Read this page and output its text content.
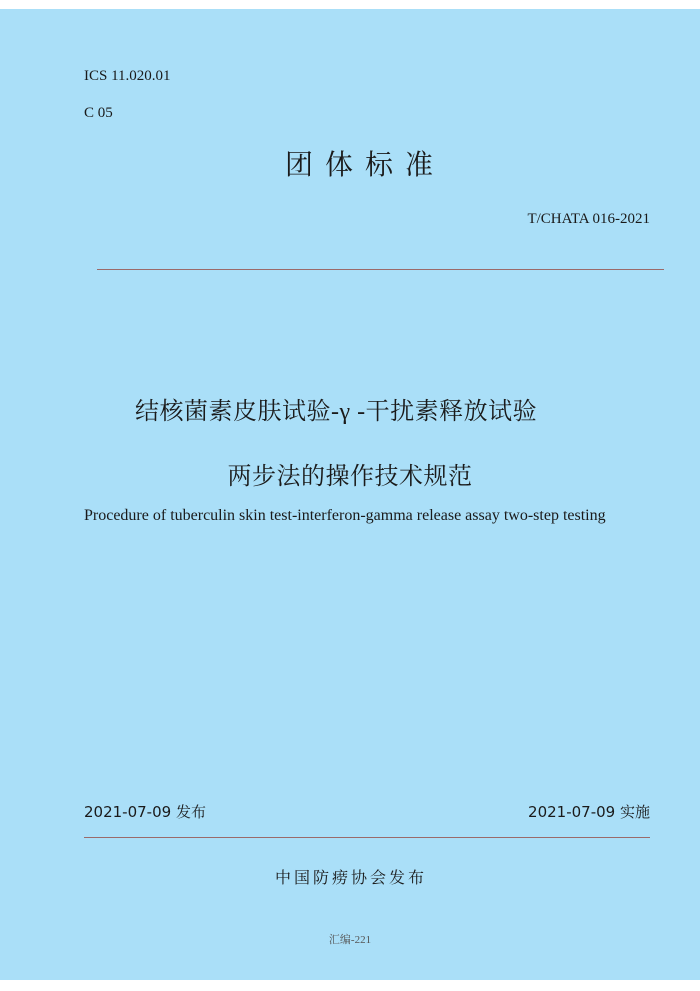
ICS 11.020.01
C 05
团体标准
T/CHATA 016-2021
结核菌素皮肤试验-γ -干扰素释放试验
两步法的操作技术规范
Procedure of tuberculin skin test-interferon-gamma release assay two-step testing
2021-07-09 发布	2021-07-09 实施
中国防痨协会发布
汇编-221
